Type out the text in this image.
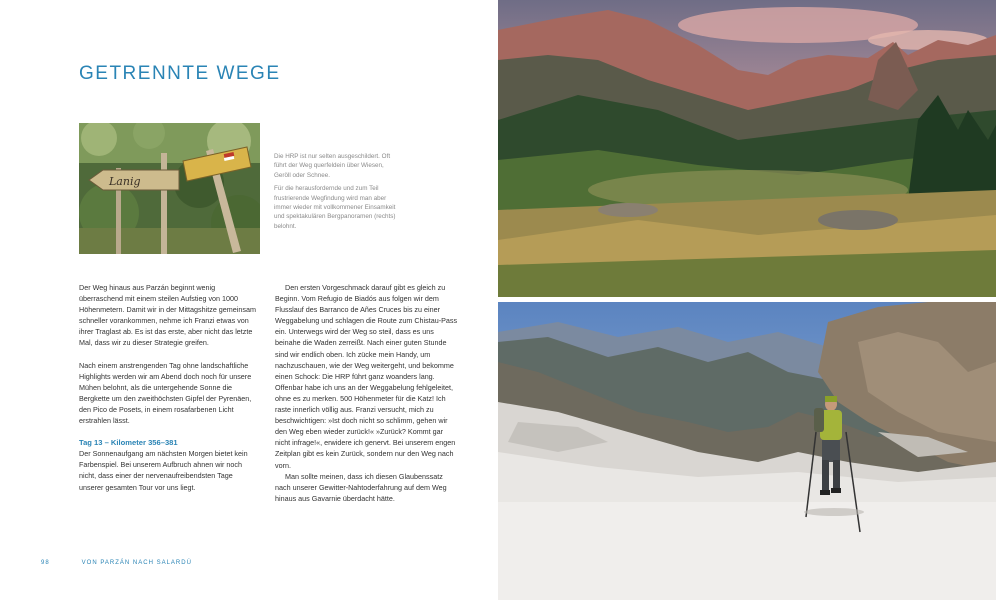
GETRENNTE WEGE
Lanig

Die HRP ist nur selten ausgeschildert. Oft führt der Weg querfeldein über Wiesen, Geröll oder Schnee.

Für die herausfordernde und zum Teil frustrierende Wegfindung wird man aber immer wieder mit vollkommener Einsamkeit und spektakulären Bergpanoramen (rechts) belohnt.

Der Weg hinaus aus Parzán beginnt wenig überraschend mit einem steilen Aufstieg von 1000 Höhenmetern. Damit wir in der Mittagshitze gemeinsam schneller vorankommen, nehme ich Franzi etwas von ihrer Traglast ab. Es ist das erste, aber nicht das letzte Mal, dass wir zu dieser Strategie greifen.

Nach einem anstrengenden Tag ohne landschaftliche Highlights werden wir am Abend doch noch für unsere Mühen belohnt, als die untergehende Sonne die Bergkette um den zweithöchsten Gipfel der Pyrenäen, den Pico de Posets, in einem rosafarbenen Licht erstrahlen lässt.

Tag 13 – Kilometer 356–381

Der Sonnenaufgang am nächsten Morgen bietet kein Farbenspiel. Bei unserem Aufbruch ahnen wir noch nicht, dass einer der nervenaufreibendsten Tage unserer gesamten Tour vor uns liegt.

Den ersten Vorgeschmack darauf gibt es gleich zu Beginn. Vom Refugio de Biadós aus folgen wir dem Flusslauf des Barranco de Añes Cruces bis zu einer Weggabelung und schlagen die Route zum Chistau-Pass ein. Unterwegs wird der Weg so steil, dass es uns beinahe die Waden zerreißt. Nach einer guten Stunde sind wir endlich oben. Ich zücke mein Handy, um nachzuschauen, wie der Weg weitergeht, und bekomme einen Schock: Die HRP führt ganz woanders lang. Offenbar habe ich uns an der Weggabelung fehlgeleitet, ohne es zu merken. 500 Höhenmeter für die Katz! Ich raste innerlich völlig aus. Franzi versucht, mich zu beschwichtigen: »Ist doch nicht so schlimm, gehen wir den Weg eben wieder zurück!« »Zurück? Kommt gar nicht infrage!«, erwidere ich genervt. Bei unserem engen Zeitplan gibt es kein Zurück, sondern nur den Weg nach vorn.

Man sollte meinen, dass ich diesen Glaubenssatz nach unserer Gewitter-Nahtoderfahrung auf dem Weg hinaus aus Gavarnie überdacht hätte.

98	VON PARZÁN NACH SALARDÚ
